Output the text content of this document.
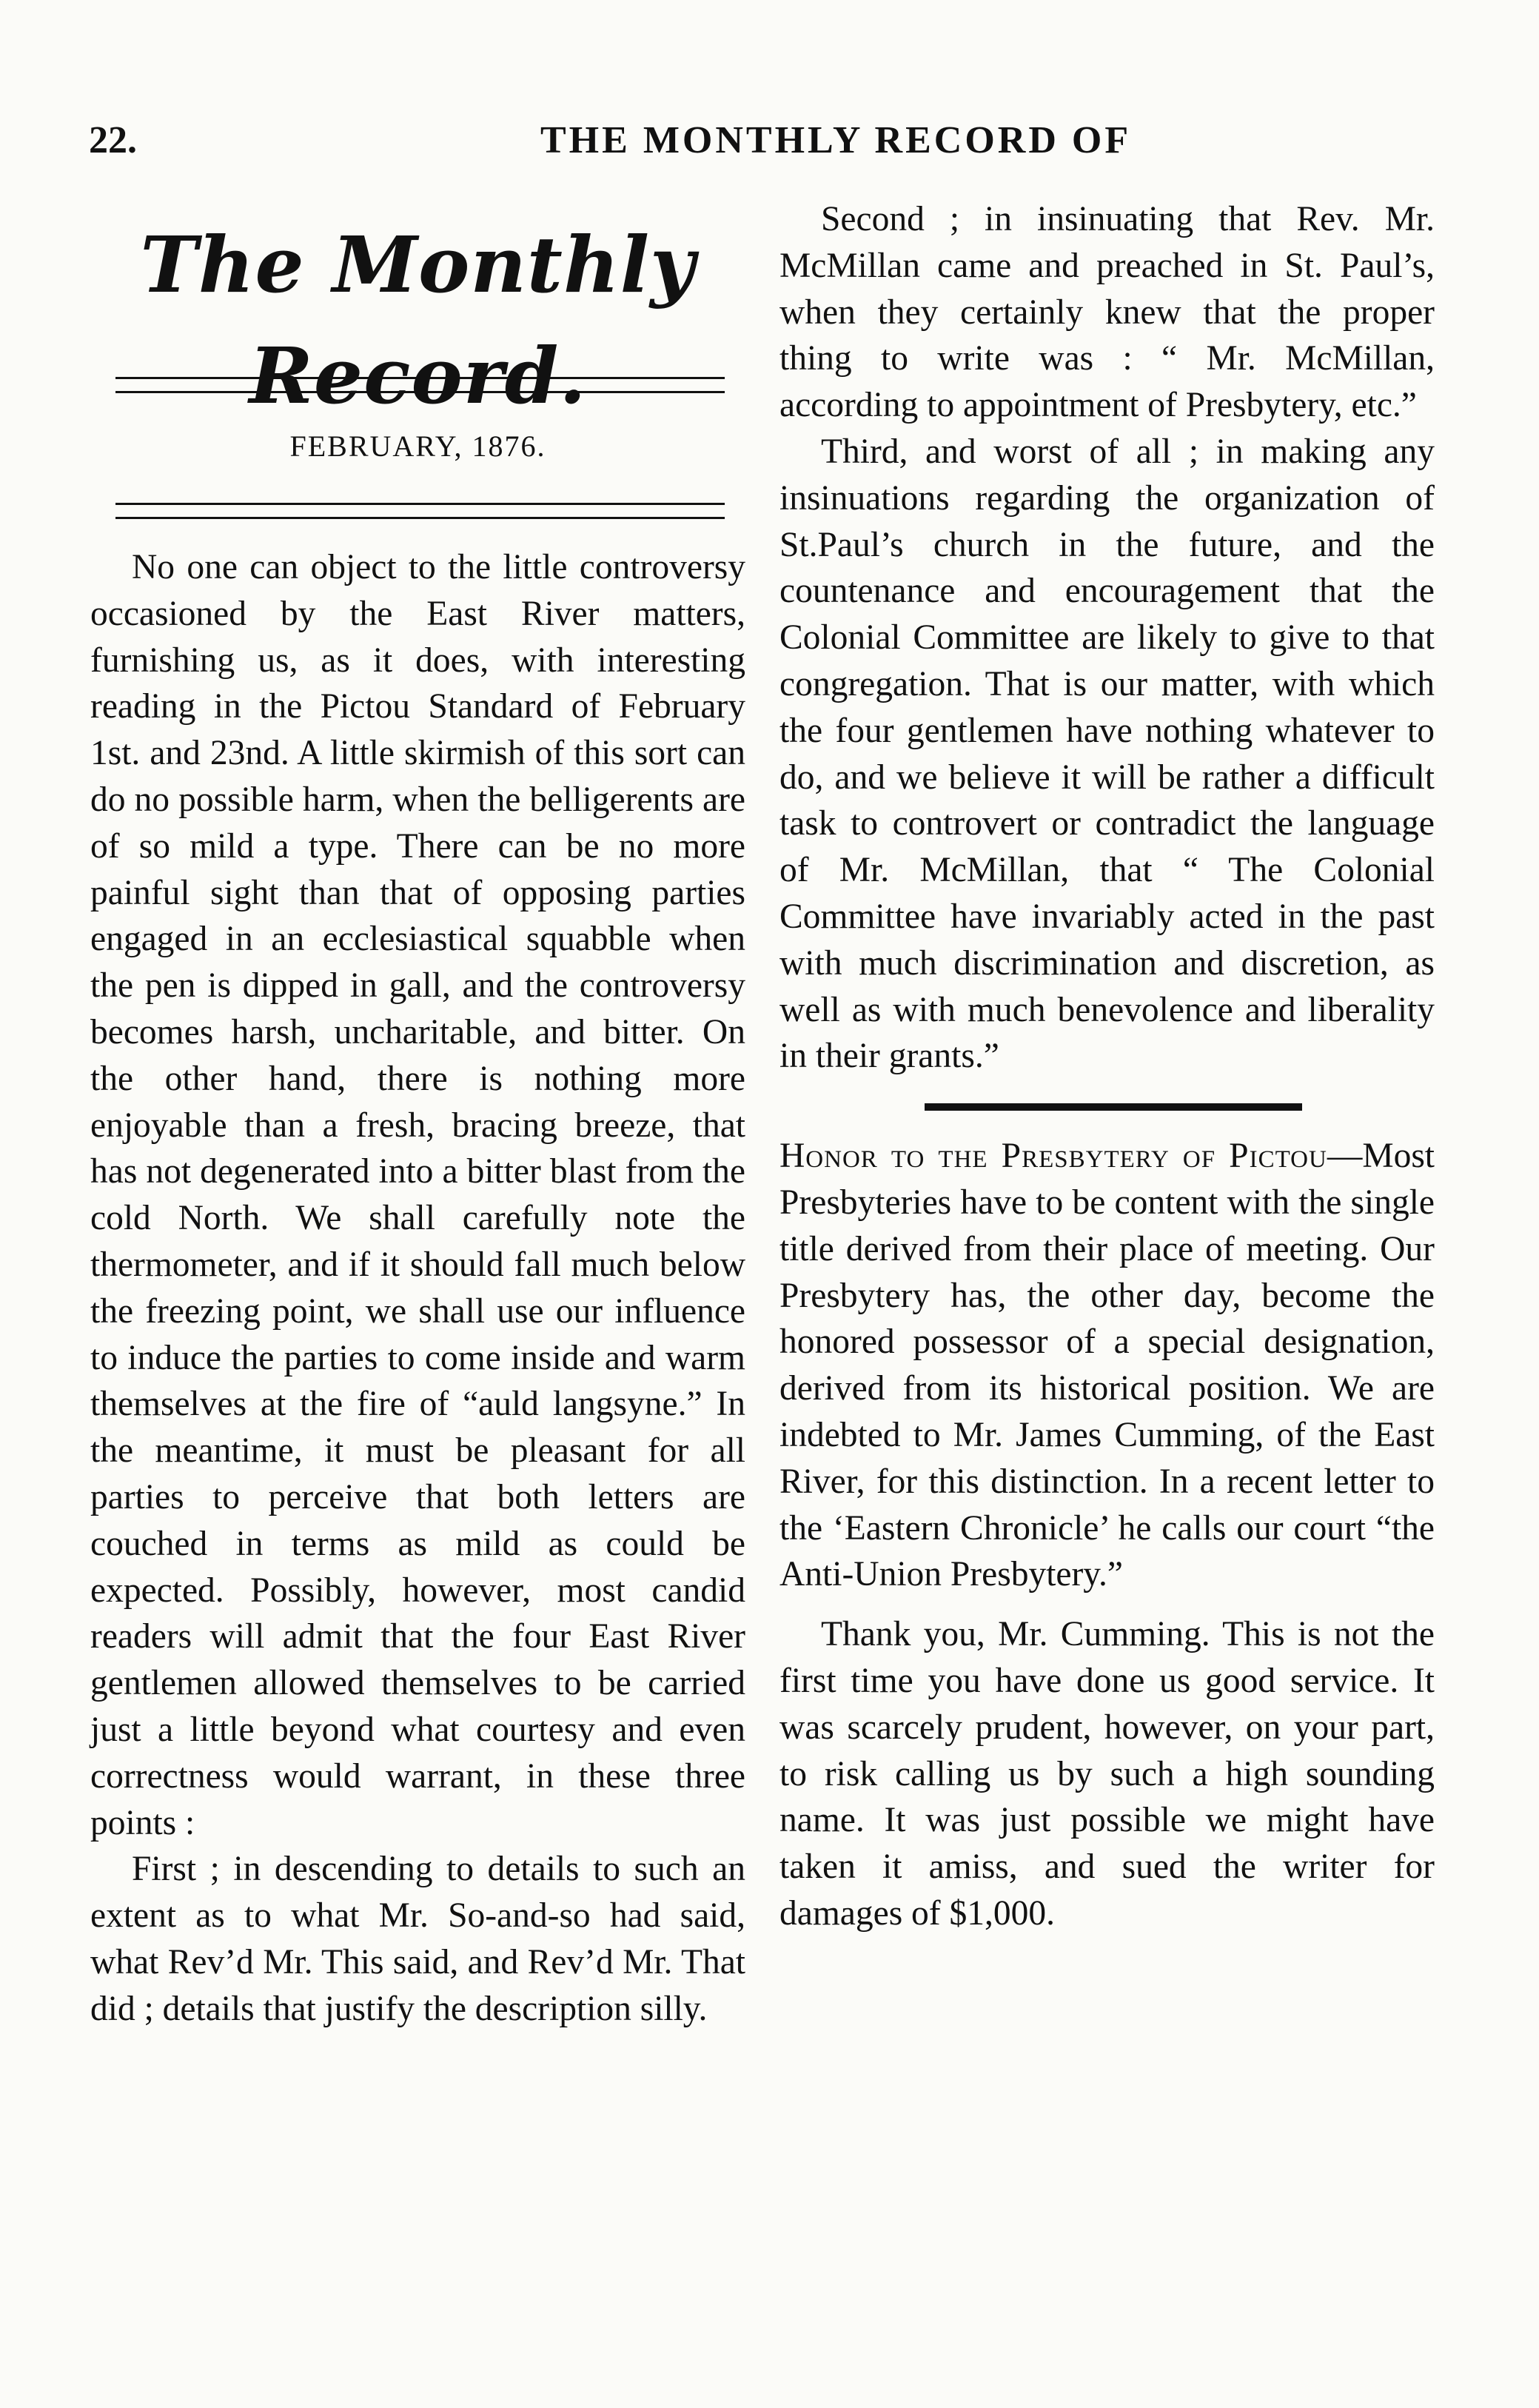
22.	THE MONTHLY RECORD OF
The Monthly Record.
FEBRUARY, 1876.

No one can object to the little controversy occasioned by the East River matters, furnishing us, as it does, with interesting reading in the Pictou Standard of February 1st. and 23nd. A little skirmish of this sort can do no possible harm, when the belligerents are of so mild a type. There can be no more painful sight than that of opposing parties engaged in an ecclesiastical squabble when the pen is dipped in gall, and the controversy becomes harsh, uncharitable, and bitter. On the other hand, there is nothing more enjoyable than a fresh, bracing breeze, that has not degenerated into a bitter blast from the cold North. We shall carefully note the thermometer, and if it should fall much below the freezing point, we shall use our influence to induce the parties to come inside and warm themselves at the fire of “auld langsyne.” In the meantime, it must be pleasant for all parties to perceive that both letters are couched in terms as mild as could be expected. Possibly, however, most candid readers will admit that the four East River gentlemen allowed themselves to be carried just a little beyond what courtesy and even correctness would warrant, in these three points :

First ; in descending to details to such an extent as to what Mr. So-and-so had said, what Rev’d Mr. This said, and Rev’d Mr. That did ; details that justify the description silly.

Second ; in insinuating that Rev. Mr. McMillan came and preached in St. Paul’s, when they certainly knew that the proper thing to write was : “ Mr. McMillan, according to appointment of Presbytery, etc.”

Third, and worst of all ; in making any insinuations regarding the organization of St.Paul’s church in the future, and the countenance and encouragement that the Colonial Committee are likely to give to that congregation. That is our matter, with which the four gentlemen have nothing whatever to do, and we believe it will be rather a difficult task to controvert or contradict the language of Mr. McMillan, that “ The Colonial Committee have invariably acted in the past with much discrimination and discretion, as well as with much benevolence and liberality in their grants.”

Honor to the Presbytery of Pictou—Most Presbyteries have to be content with the single title derived from their place of meeting. Our Presbytery has, the other day, become the honored possessor of a special designation, derived from its historical position. We are indebted to Mr. James Cumming, of the East River, for this distinction. In a recent letter to the ‘Eastern Chronicle’ he calls our court “the Anti-Union Presbytery.”

Thank you, Mr. Cumming. This is not the first time you have done us good service. It was scarcely prudent, however, on your part, to risk calling us by such a high sounding name. It was just possible we might have taken it amiss, and sued the writer for damages of $1,000.
